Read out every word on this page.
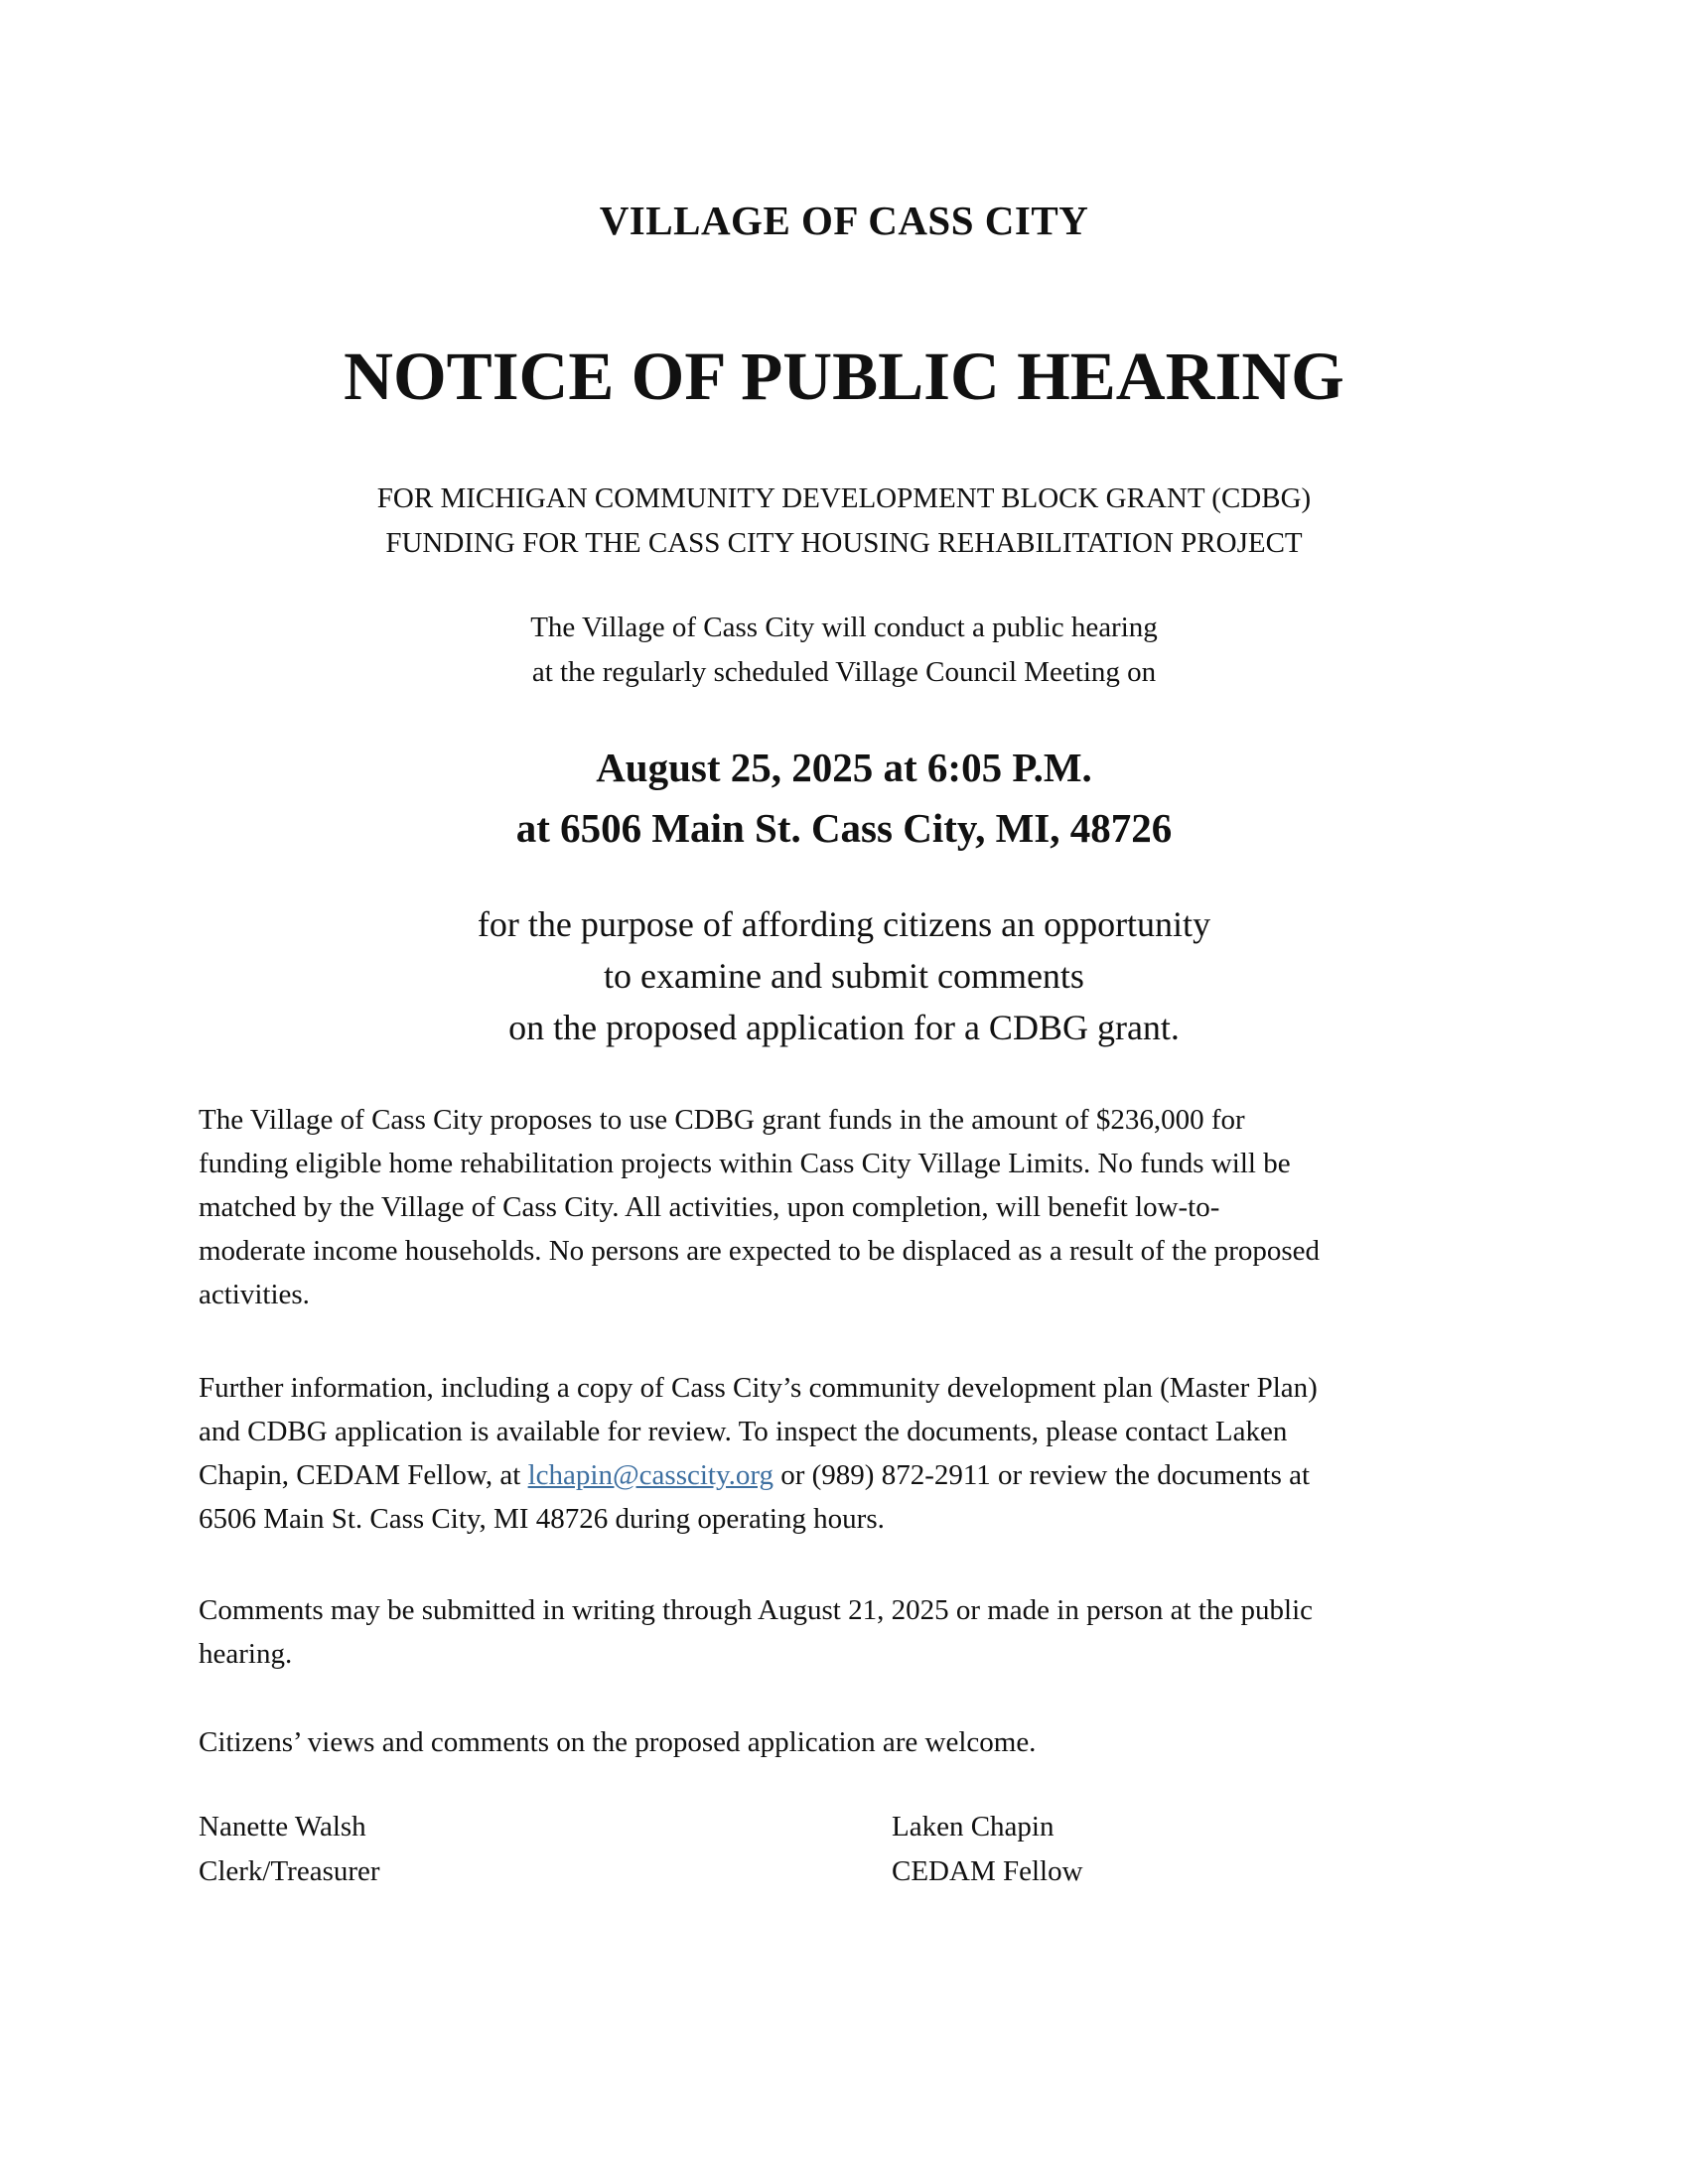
VILLAGE OF CASS CITY
NOTICE OF PUBLIC HEARING
FOR MICHIGAN COMMUNITY DEVELOPMENT BLOCK GRANT (CDBG)
FUNDING FOR THE CASS CITY HOUSING REHABILITATION PROJECT
The Village of Cass City will conduct a public hearing
at the regularly scheduled Village Council Meeting on
August 25, 2025 at 6:05 P.M.
at 6506 Main St. Cass City, MI, 48726
for the purpose of affording citizens an opportunity
to examine and submit comments
on the proposed application for a CDBG grant.
The Village of Cass City proposes to use CDBG grant funds in the amount of $236,000 for
funding eligible home rehabilitation projects within Cass City Village Limits. No funds will be
matched by the Village of Cass City. All activities, upon completion, will benefit low-to-
moderate income households. No persons are expected to be displaced as a result of the proposed
activities.
Further information, including a copy of Cass City’s community development plan (Master Plan)
and CDBG application is available for review. To inspect the documents, please contact Laken
Chapin, CEDAM Fellow, at lchapin@casscity.org or (989) 872-2911 or review the documents at
6506 Main St. Cass City, MI 48726 during operating hours.
Comments may be submitted in writing through August 21, 2025 or made in person at the public
hearing.
Citizens’ views and comments on the proposed application are welcome.
Nanette Walsh
Clerk/Treasurer
Laken Chapin
CEDAM Fellow
